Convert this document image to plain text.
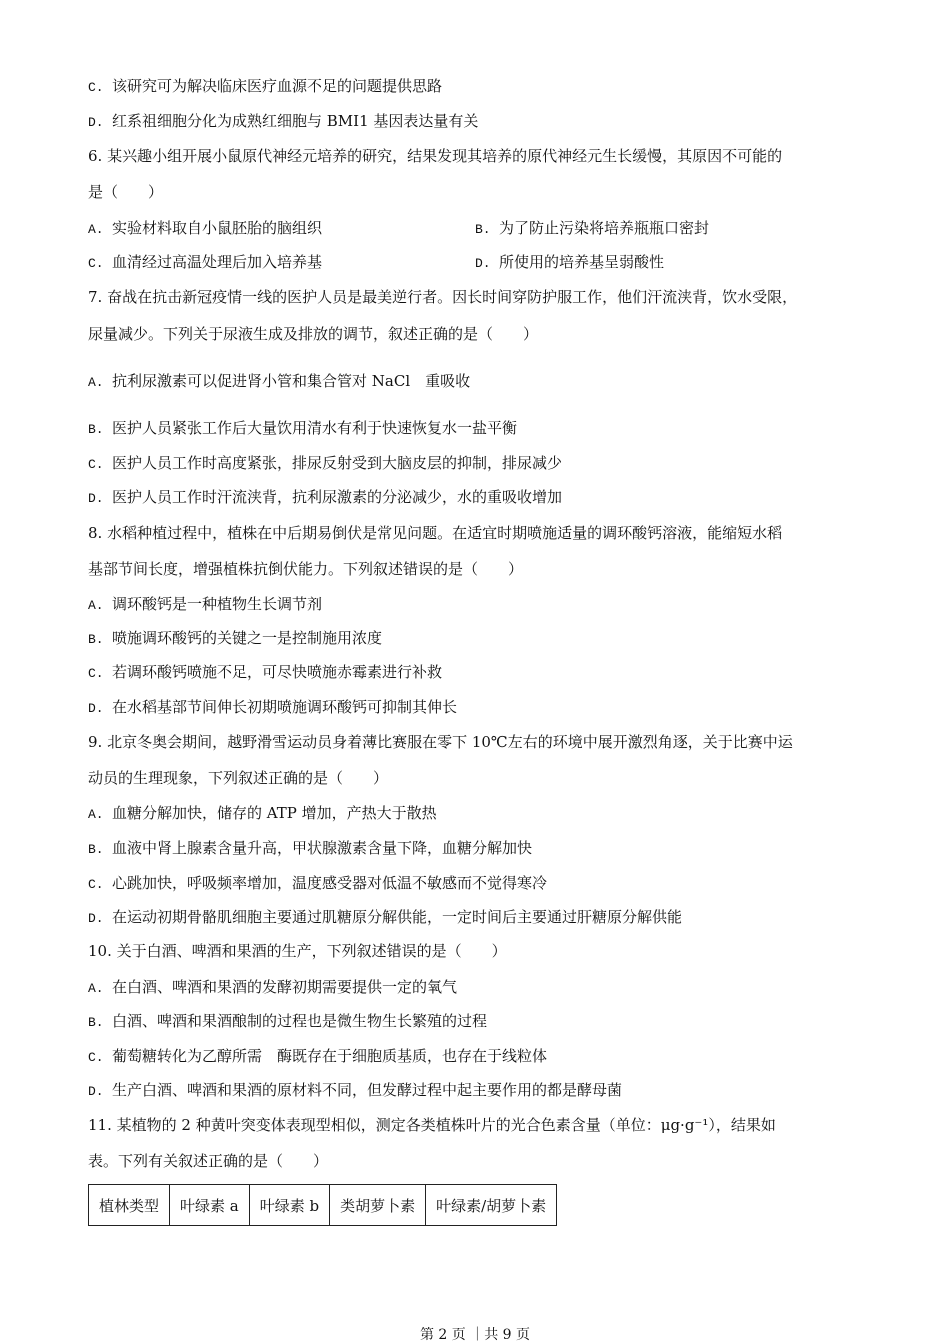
C. 该研究可为解决临床医疗血源不足的问题提供思路
D. 红系祖细胞分化为成熟红细胞与 BMI1 基因表达量有关
6. 某兴趣小组开展小鼠原代神经元培养的研究，结果发现其培养的原代神经元生长缓慢，其原因不可能的
是（　　）
A. 实验材料取自小鼠胚胎的脑组织	B. 为了防止污染将培养瓶瓶口密封
C. 血清经过高温处理后加入培养基	D. 所使用的培养基呈弱酸性
7. 奋战在抗击新冠疫情一线的医护人员是最美逆行者。因长时间穿防护服工作，他们汗流浃背，饮水受限，
尿量减少。下列关于尿液生成及排放的调节，叙述正确的是（　　）
A. 抗利尿激素可以促进肾小管和集合管对 NaCl　重吸收
B. 医护人员紧张工作后大量饮用清水有利于快速恢复水一盐平衡
C. 医护人员工作时高度紧张，排尿反射受到大脑皮层的抑制，排尿减少
D. 医护人员工作时汗流浃背，抗利尿激素的分泌减少，水的重吸收增加
8. 水稻种植过程中，植株在中后期易倒伏是常见问题。在适宜时期喷施适量的调环酸钙溶液，能缩短水稻
基部节间长度，增强植株抗倒伏能力。下列叙述错误的是（　　）
A. 调环酸钙是一种植物生长调节剂
B. 喷施调环酸钙的关键之一是控制施用浓度
C. 若调环酸钙喷施不足，可尽快喷施赤霉素进行补救
D. 在水稻基部节间伸长初期喷施调环酸钙可抑制其伸长
9. 北京冬奥会期间，越野滑雪运动员身着薄比赛服在零下 10℃左右的环境中展开激烈角逐，关于比赛中运
动员的生理现象，下列叙述正确的是（　　）
A. 血糖分解加快，储存的 ATP 增加，产热大于散热
B. 血液中肾上腺素含量升高，甲状腺激素含量下降，血糖分解加快
C. 心跳加快，呼吸频率增加，温度感受器对低温不敏感而不觉得寒冷
D. 在运动初期骨骼肌细胞主要通过肌糖原分解供能，一定时间后主要通过肝糖原分解供能
10. 关于白酒、啤酒和果酒的生产，下列叙述错误的是（　　）
A. 在白酒、啤酒和果酒的发酵初期需要提供一定的氧气
B. 白酒、啤酒和果酒酿制的过程也是微生物生长繁殖的过程
C. 葡萄糖转化为乙醇所需　酶既存在于细胞质基质，也存在于线粒体
D. 生产白酒、啤酒和果酒的原材料不同，但发酵过程中起主要作用的都是酵母菌
11. 某植物的 2 种黄叶突变体表现型相似，测定各类植株叶片的光合色素含量（单位：μg·g⁻¹），结果如
表。下列有关叙述正确的是（　　）
植林类型	叶绿素 a	叶绿素 b	类胡萝卜素	叶绿素/胡萝卜素
第 2 页 ｜共 9 页
